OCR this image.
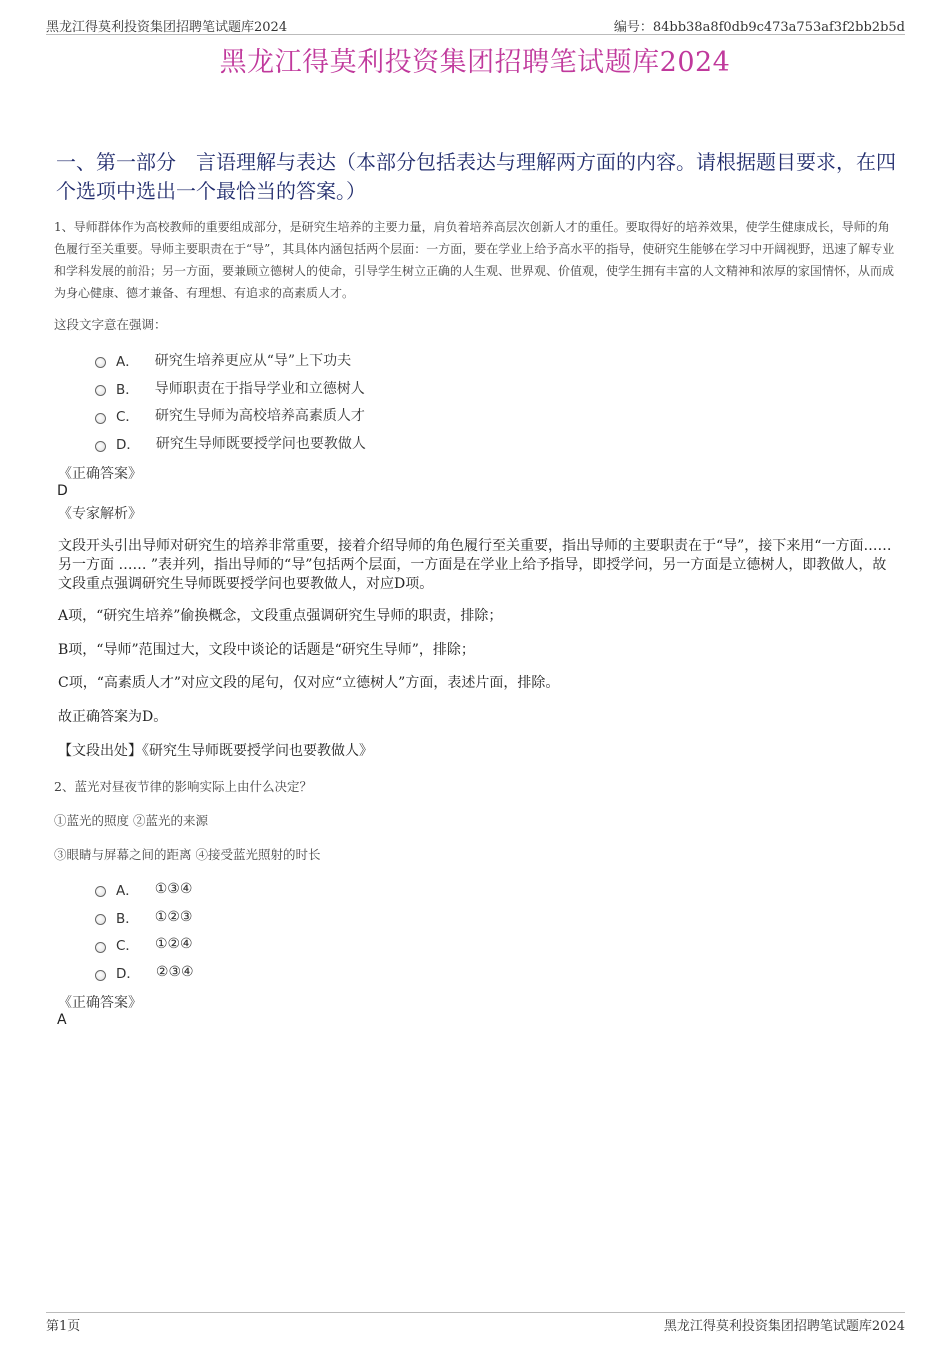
黑龙江得莫利投资集团招聘笔试题库2024	编号：84bb38a8f0db9c473a753af3f2bb2b5d
黑龙江得莫利投资集团招聘笔试题库2024
一、第一部分　言语理解与表达（本部分包括表达与理解两方面的内容。请根据题目要求，在四个选项中选出一个最恰当的答案。）
1、导师群体作为高校教师的重要组成部分，是研究生培养的主要力量，肩负着培养高层次创新人才的重任。要取得好的培养效果，使学生健康成长，导师的角色履行至关重要。导师主要职责在于“导”，其具体内涵包括两个层面：一方面，要在学业上给予高水平的指导，使研究生能够在学习中开阔视野，迅速了解专业和学科发展的前沿；另一方面，要兼顾立德树人的使命，引导学生树立正确的人生观、世界观、价值观，使学生拥有丰富的人文精神和浓厚的家国情怀，从而成为身心健康、德才兼备、有理想、有追求的高素质人才。
这段文字意在强调：
A． 研究生培养更应从“导”上下功夫
B． 导师职责在于指导学业和立德树人
C． 研究生导师为高校培养高素质人才
D． 研究生导师既要授学问也要教做人
《正确答案》
D
《专家解析》
文段开头引出导师对研究生的培养非常重要，接着介绍导师的角色履行至关重要，指出导师的主要职责在于“导”，接下来用“一方面……另一方面 …… ”表并列，指出导师的“导”包括两个层面，一方面是在学业上给予指导，即授学问，另一方面是立德树人，即教做人，故文段重点强调研究生导师既要授学问也要教做人，对应D项。
A项，“研究生培养”偷换概念，文段重点强调研究生导师的职责，排除；
B项，“导师”范围过大，文段中谈论的话题是“研究生导师”，排除；
C项，“高素质人才”对应文段的尾句，仅对应“立德树人”方面，表述片面，排除。
故正确答案为D。
【文段出处】《研究生导师既要授学问也要教做人》
2、蓝光对昼夜节律的影响实际上由什么决定？
①蓝光的照度 ②蓝光的来源
③眼睛与屏幕之间的距离 ④接受蓝光照射的时长
A． ①③④
B． ①②③
C． ①②④
D． ②③④
《正确答案》
A
第1页	黑龙江得莫利投资集团招聘笔试题库2024
